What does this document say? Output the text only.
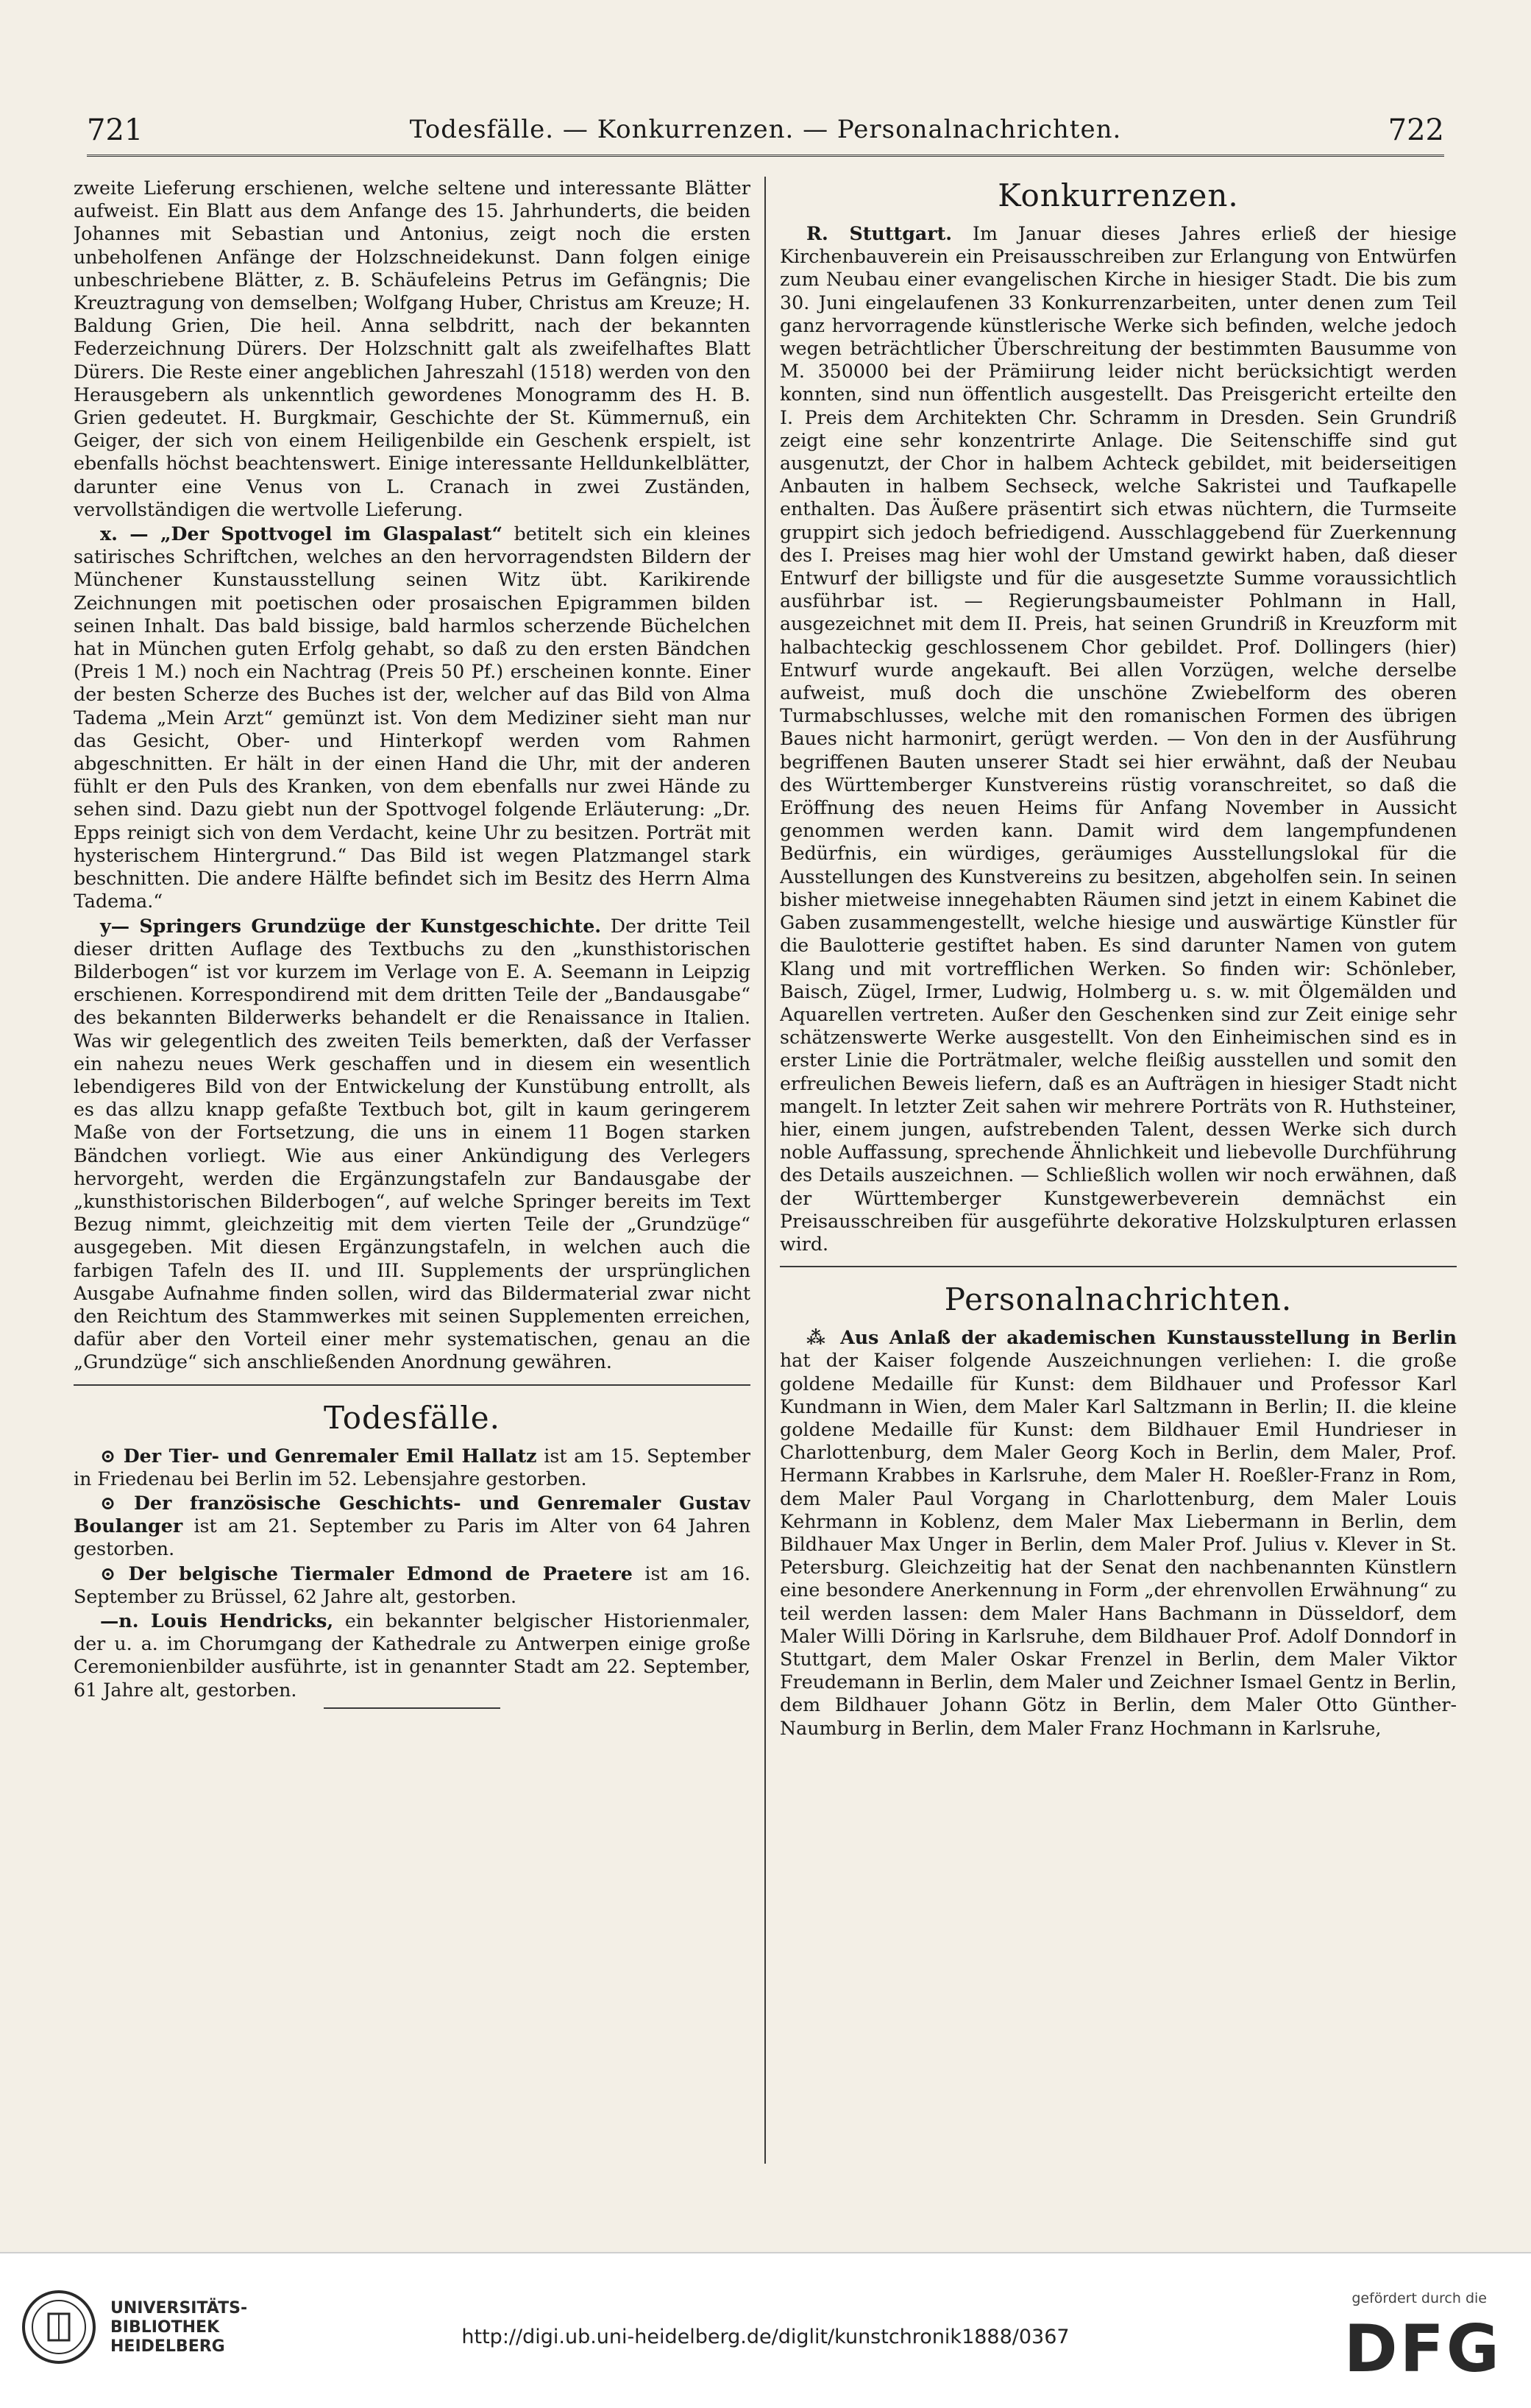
721	Todesfälle. — Konkurrenzen. — Personalnachrichten.	722

zweite Lieferung erschienen, welche seltene und interessante Blätter aufweist. Ein Blatt aus dem Anfange des 15. Jahrhunderts, die beiden Johannes mit Sebastian und Antonius, zeigt noch die ersten unbeholfenen Anfänge der Holzschneidekunst. Dann folgen einige unbeschriebene Blätter, z. B. Schäufeleins Petrus im Gefängnis; Die Kreuztragung von demselben; Wolfgang Huber, Christus am Kreuze; H. Baldung Grien, Die heil. Anna selbdritt, nach der bekannten Federzeichnung Dürers. Der Holzschnitt galt als zweifelhaftes Blatt Dürers. Die Reste einer angeblichen Jahreszahl (1518) werden von den Herausgebern als unkenntlich gewordenes Monogramm des H. B. Grien gedeutet. H. Burgkmair, Geschichte der St. Kümmernuß, ein Geiger, der sich von einem Heiligenbilde ein Geschenk erspielt, ist ebenfalls höchst beachtenswert. Einige interessante Helldunkelblätter, darunter eine Venus von L. Cranach in zwei Zuständen, vervollständigen die wertvolle Lieferung.

x. — „Der Spottvogel im Glaspalast“ betitelt sich ein kleines satirisches Schriftchen, welches an den hervorragendsten Bildern der Münchener Kunstausstellung seinen Witz übt. Karikirende Zeichnungen mit poetischen oder prosaischen Epigrammen bilden seinen Inhalt. Das bald bissige, bald harmlos scherzende Büchelchen hat in München guten Erfolg gehabt, so daß zu den ersten Bändchen (Preis 1 M.) noch ein Nachtrag (Preis 50 Pf.) erscheinen konnte. Einer der besten Scherze des Buches ist der, welcher auf das Bild von Alma Tadema „Mein Arzt“ gemünzt ist. Von dem Mediziner sieht man nur das Gesicht, Ober- und Hinterkopf werden vom Rahmen abgeschnitten. Er hält in der einen Hand die Uhr, mit der anderen fühlt er den Puls des Kranken, von dem ebenfalls nur zwei Hände zu sehen sind. Dazu giebt nun der Spottvogel folgende Erläuterung: „Dr. Epps reinigt sich von dem Verdacht, keine Uhr zu besitzen. Porträt mit hysterischem Hintergrund.“ Das Bild ist wegen Platzmangel stark beschnitten. Die andere Hälfte befindet sich im Besitz des Herrn Alma Tadema.“

y— Springers Grundzüge der Kunstgeschichte. Der dritte Teil dieser dritten Auflage des Textbuchs zu den „kunsthistorischen Bilderbogen“ ist vor kurzem im Verlage von E. A. Seemann in Leipzig erschienen. Korrespondirend mit dem dritten Teile der „Bandausgabe“ des bekannten Bilderwerks behandelt er die Renaissance in Italien. Was wir gelegentlich des zweiten Teils bemerkten, daß der Verfasser ein nahezu neues Werk geschaffen und in diesem ein wesentlich lebendigeres Bild von der Entwickelung der Kunstübung entrollt, als es das allzu knapp gefaßte Textbuch bot, gilt in kaum geringerem Maße von der Fortsetzung, die uns in einem 11 Bogen starken Bändchen vorliegt. Wie aus einer Ankündigung des Verlegers hervorgeht, werden die Ergänzungstafeln zur Bandausgabe der „kunsthistorischen Bilderbogen“, auf welche Springer bereits im Text Bezug nimmt, gleichzeitig mit dem vierten Teile der „Grundzüge“ ausgegeben. Mit diesen Ergänzungstafeln, in welchen auch die farbigen Tafeln des II. und III. Supplements der ursprünglichen Ausgabe Aufnahme finden sollen, wird das Bildermaterial zwar nicht den Reichtum des Stammwerkes mit seinen Supplementen erreichen, dafür aber den Vorteil einer mehr systematischen, genau an die „Grundzüge“ sich anschließenden Anordnung gewähren.

Todesfälle.

⊙ Der Tier- und Genremaler Emil Hallatz ist am 15. September in Friedenau bei Berlin im 52. Lebensjahre gestorben.

⊙ Der französische Geschichts- und Genremaler Gustav Boulanger ist am 21. September zu Paris im Alter von 64 Jahren gestorben.

⊙ Der belgische Tiermaler Edmond de Praetere ist am 16. September zu Brüssel, 62 Jahre alt, gestorben.

—n. Louis Hendricks, ein bekannter belgischer Historienmaler, der u. a. im Chorumgang der Kathedrale zu Antwerpen einige große Ceremonienbilder ausführte, ist in genannter Stadt am 22. September, 61 Jahre alt, gestorben.

Konkurrenzen.

R. Stuttgart. Im Januar dieses Jahres erließ der hiesige Kirchenbauverein ein Preisausschreiben zur Erlangung von Entwürfen zum Neubau einer evangelischen Kirche in hiesiger Stadt. Die bis zum 30. Juni eingelaufenen 33 Konkurrenzarbeiten, unter denen zum Teil ganz hervorragende künstlerische Werke sich befinden, welche jedoch wegen beträchtlicher Überschreitung der bestimmten Bausumme von M. 350000 bei der Prämiirung leider nicht berücksichtigt werden konnten, sind nun öffentlich ausgestellt. Das Preisgericht erteilte den I. Preis dem Architekten Chr. Schramm in Dresden. Sein Grundriß zeigt eine sehr konzentrirte Anlage. Die Seitenschiffe sind gut ausgenutzt, der Chor in halbem Achteck gebildet, mit beiderseitigen Anbauten in halbem Sechseck, welche Sakristei und Taufkapelle enthalten. Das Äußere präsentirt sich etwas nüchtern, die Turmseite gruppirt sich jedoch befriedigend. Ausschlaggebend für Zuerkennung des I. Preises mag hier wohl der Umstand gewirkt haben, daß dieser Entwurf der billigste und für die ausgesetzte Summe voraussichtlich ausführbar ist. — Regierungsbaumeister Pohlmann in Hall, ausgezeichnet mit dem II. Preis, hat seinen Grundriß in Kreuzform mit halbachteckig geschlossenem Chor gebildet. Prof. Dollingers (hier) Entwurf wurde angekauft. Bei allen Vorzügen, welche derselbe aufweist, muß doch die unschöne Zwiebelform des oberen Turmabschlusses, welche mit den romanischen Formen des übrigen Baues nicht harmonirt, gerügt werden. — Von den in der Ausführung begriffenen Bauten unserer Stadt sei hier erwähnt, daß der Neubau des Württemberger Kunstvereins rüstig voranschreitet, so daß die Eröffnung des neuen Heims für Anfang November in Aussicht genommen werden kann. Damit wird dem langempfundenen Bedürfnis, ein würdiges, geräumiges Ausstellungslokal für die Ausstellungen des Kunstvereins zu besitzen, abgeholfen sein. In seinen bisher mietweise innegehabten Räumen sind jetzt in einem Kabinet die Gaben zusammengestellt, welche hiesige und auswärtige Künstler für die Baulotterie gestiftet haben. Es sind darunter Namen von gutem Klang und mit vortrefflichen Werken. So finden wir: Schönleber, Baisch, Zügel, Irmer, Ludwig, Holmberg u. s. w. mit Ölgemälden und Aquarellen vertreten. Außer den Geschenken sind zur Zeit einige sehr schätzenswerte Werke ausgestellt. Von den Einheimischen sind es in erster Linie die Porträtmaler, welche fleißig ausstellen und somit den erfreulichen Beweis liefern, daß es an Aufträgen in hiesiger Stadt nicht mangelt. In letzter Zeit sahen wir mehrere Porträts von R. Huthsteiner, hier, einem jungen, aufstrebenden Talent, dessen Werke sich durch noble Auffassung, sprechende Ähnlichkeit und liebevolle Durchführung des Details auszeichnen. — Schließlich wollen wir noch erwähnen, daß der Württemberger Kunstgewerbeverein demnächst ein Preisausschreiben für ausgeführte dekorative Holzskulpturen erlassen wird.

Personalnachrichten.

⁂ Aus Anlaß der akademischen Kunstausstellung in Berlin hat der Kaiser folgende Auszeichnungen verliehen: I. die große goldene Medaille für Kunst: dem Bildhauer und Professor Karl Kundmann in Wien, dem Maler Karl Saltzmann in Berlin; II. die kleine goldene Medaille für Kunst: dem Bildhauer Emil Hundrieser in Charlottenburg, dem Maler Georg Koch in Berlin, dem Maler, Prof. Hermann Krabbes in Karlsruhe, dem Maler H. Roeßler-Franz in Rom, dem Maler Paul Vorgang in Charlottenburg, dem Maler Louis Kehrmann in Koblenz, dem Maler Max Liebermann in Berlin, dem Bildhauer Max Unger in Berlin, dem Maler Prof. Julius v. Klever in St. Petersburg. Gleichzeitig hat der Senat den nachbenannten Künstlern eine besondere Anerkennung in Form „der ehrenvollen Erwähnung“ zu teil werden lassen: dem Maler Hans Bachmann in Düsseldorf, dem Maler Willi Döring in Karlsruhe, dem Bildhauer Prof. Adolf Donndorf in Stuttgart, dem Maler Oskar Frenzel in Berlin, dem Maler Viktor Freudemann in Berlin, dem Maler und Zeichner Ismael Gentz in Berlin, dem Bildhauer Johann Götz in Berlin, dem Maler Otto Günther-Naumburg in Berlin, dem Maler Franz Hochmann in Karlsruhe,

UNIVERSITÄTS-
BIBLIOTHEK
HEIDELBERG	http://digi.ub.uni-heidelberg.de/diglit/kunstchronik1888/0367
gefördert durch die
DFG
